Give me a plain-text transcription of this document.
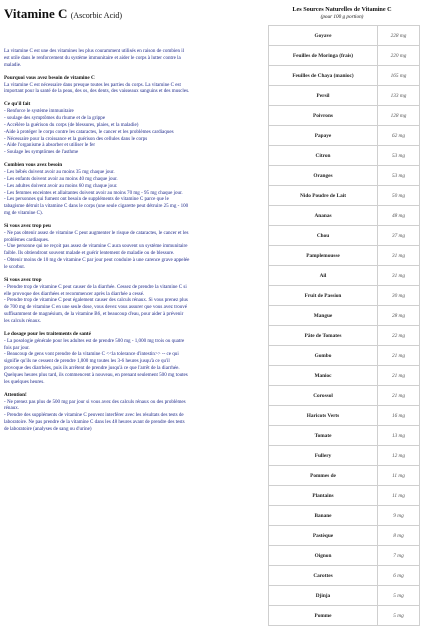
Vitamine C (Ascorbic Acid)
La vitamine C est une des vitamines les plus couramment utilisés en raison de combien il
est utile dans le renforcement du système immunitaire et aider le corps à lutter contre la
maladie.
Pourquoi vous avez besoin de vitamine C
La vitamine C est nécessaire dans presque toutes les parties du corps. La vitamine C est
important pour la santé de la peau, des os, des dents, des vaisseaux sanguins et des muscles.
Ce qu'il fait
- Renforce le système immunitaire
- soulage des symptômes du rhume et de la grippe
- Accélère la guérison du corps (de blessures, plaies, et la maladie)
-Aide à protéger le corps contre les cataractes, le cancer et les problèmes cardiaques
- Nécessaire pour la croissance et la guérison des cellules dans le corps
- Aide l'organisme à absorber et utiliser le fer
- Soulage les symptômes de l'asthme
Combien vous avez besoin
- Les bébés doivent avoir au moins 35 mg chaque jour.
- Les enfants doivent avoir au moins 40 mg chaque jour.
- Les adultes doivent avoir au moins 60 mg chaque jour.
- Les femmes enceintes et allaitantes doivent avoir au moins 70 mg - 95 mg chaque jour.
- Les personnes qui fument ont besoin de suppléments de vitamine C parce que le
tabagisme détruit la vitamine C dans le corps (une seule cigarette peut détruire 25 mg - 100
mg de vitamine C).
Si vous avez trop peu
- Ne pas obtenir assez de vitamine C peut augmenter le risque de cataractes, le cancer et les
problèmes cardiaques.
- Une personne qui ne reçoit pas assez de vitamine C aura souvent un système immunitaire
faible. Ils obtiendront souvent malade et guérir lentement de maladie ou de blessure.
- Obtenir moins de 10 mg de vitamine C par jour peut conduire à une carence grave appelée
le scorbut.
Si vous avez trop
- Prendre trop de vitamine C peut causer de la diarrhée. Cessez de prendre la vitamine C si
elle provoque des diarrhées et recommencer après la diarrhée a cessé.
- Prendre trop de vitamine C peut également causer des calculs rénaux. Si vous prenez plus
de 700 mg de vitamine C en une seule dose, vous devez vous assurer que vous avez trouvé
suffisamment de magnésium, de la vitamine B6, et beaucoup d'eau, pour aider à prévenir
les calculs rénaux.
Le dosage pour les traitements de santé
- La posologie générale pour les adultes est de prendre 500 mg - 1,000 mg trois ou quatre
fois par jour.
- Beaucoup de gens vont prendre de la vitamine C <<la tolerance d'intestin>> -- ce qui
signifie qu'ils ne cessent de prendre 1,000 mg toutes les 3-6 heures jusqu'à ce qu'il
provoque des diarrhées, puis ils arrêtent de prendre jusqu'à ce que l'arrêt de la diarrhée.
Quelques heures plus tard, ils commencent à nouveau, en prenant seulement 500 mg toutes
les quelques heures.
Attention!
- Ne prenez pas plus de 500 mg par jour si vous avez des calculs rénaux ou des problèmes
rénaux.
- Prendre des suppléments de vitamine C peuvent interférer avec les résultats des tests de
laboratoire. Ne pas prendre de la vitamine C dans les 48 heures avant de prendre des tests
de laboratoire (analyses de sang ou d'urine)
Les Sources Naturelles de Vitamine C
(pour 100 g portion)
Goyave	228 mg
Feuilles de Moringa (frais)	220 mg
Feuilles de Chaya (manioc)	165 mg
Persil	133 mg
Poivrons	128 mg
Papaye	62 mg
Citron	53 mg
Oranges	53 mg
Nido Poudre de Lait	50 mg
Ananas	48 mg
Chou	37 mg
Pamplemousse	31 mg
Ail	31 mg
Fruit de Passion	30 mg
Mangue	28 mg
Pâte de Tomates	22 mg
Gombo	21 mg
Manioc	21 mg
Corossol	21 mg
Haricots Verts	16 mg
Tomate	13 mg
Fullery	12 mg
Pommes de	11 mg
Plantains	11 mg
Banane	9 mg
Pastèque	8 mg
Oignon	7 mg
Carottes	6 mg
Djinja	5 mg
Pomme	5 mg
